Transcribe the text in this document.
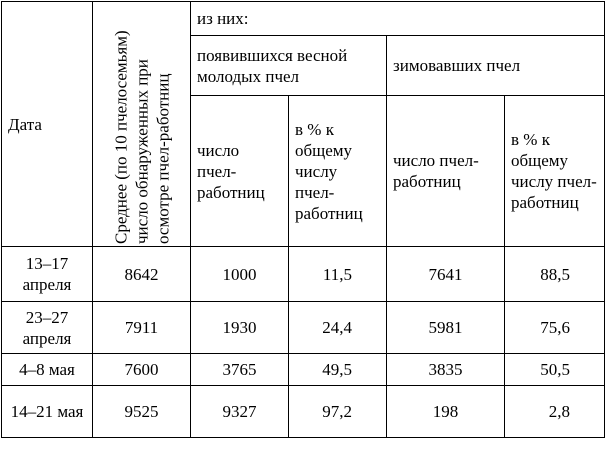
Дата	Среднее (по 10 пчелосемьям) число обнаруженных при осмотре пчел-работниц	из них:			
		появившихся весной молодых пчел		зимовавших пчел	
		число пчел-работниц	в % к общему числу пчел-работниц	число пчел-работниц	в % к общему числу пчел-работниц
13–17 апреля	8642	1000	11,5	7641	88,5
23–27 апреля	7911	1930	24,4	5981	75,6
4–8 мая	7600	3765	49,5	3835	50,5
14–21 мая	9525	9327	97,2	198	2,8
